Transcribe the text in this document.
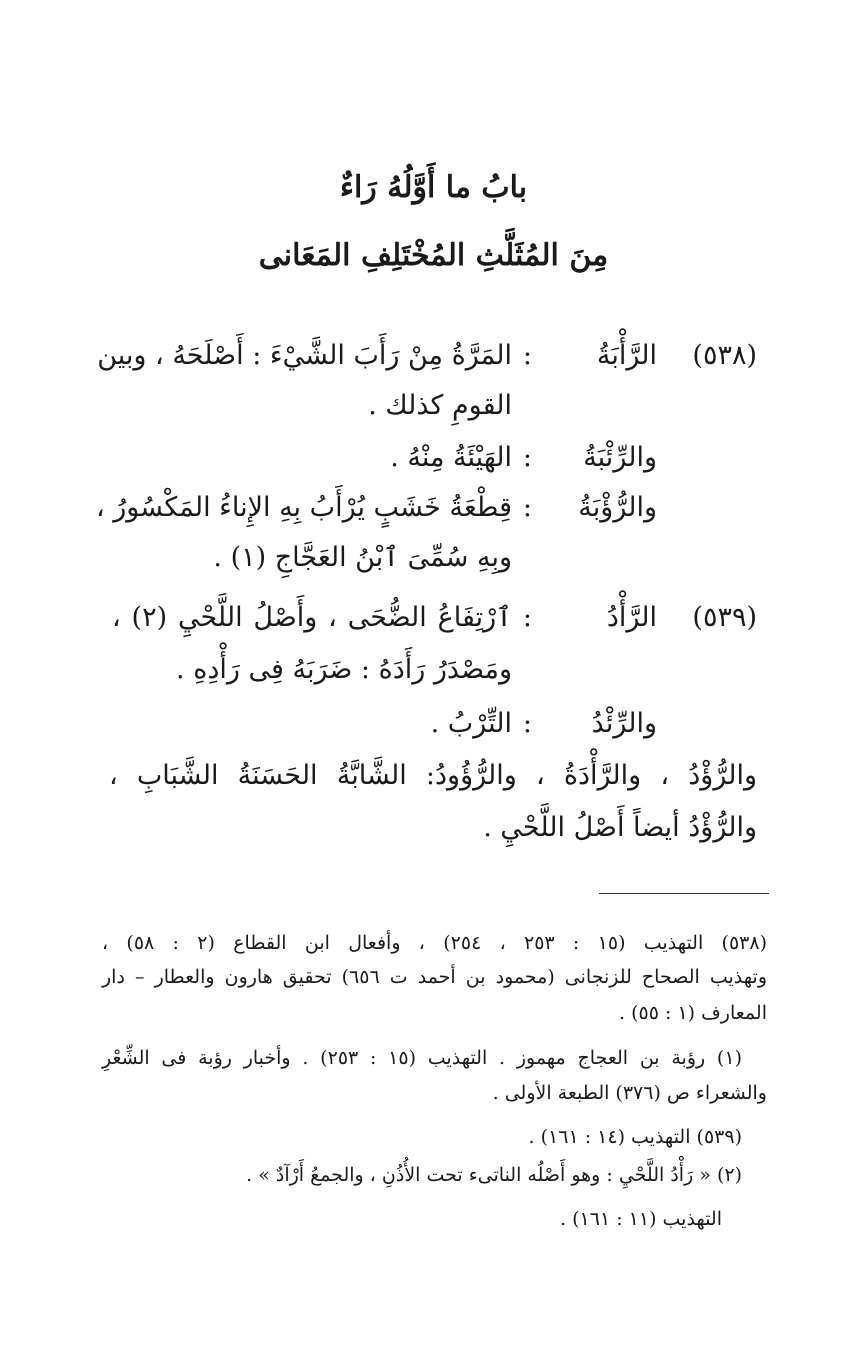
بابُ ما أَوَّلُهُ رَاءٌ
مِنَ المُثَلَّثِ المُخْتَلِفِ المَعَانى
(٥٣٨)
الرَّأْبَةُ
:
المَرَّةُ مِنْ رَأَبَ الشَّيْءَ : أَصْلَحَهُ ، وبين
القومِ كذلك .
والرِّئْبَةُ
:
الهَيْئَةُ مِنْهُ .
والرُّؤْبَةُ
:
قِطْعَةُ خَشَبٍ يُرْأَبُ بِهِ الإِناءُ المَكْسُورُ ،
وبِهِ سُمِّىَ ٱبْنُ العَجَّاجِ (١) .
(٥٣٩)
الرَّأْدُ
:
ٱرْتِفَاعُ الضُّحَى ، وأَصْلُ اللَّحْيِ (٢) ،
ومَصْدَرُ رَأَدَهُ : ضَرَبَهُ فِى رَأْدِهِ .
والرِّئْدُ
:
التِّرْبُ .
والرُّؤْدُ ، والرَّأْدَةُ ، والرُّؤُودُ: الشَّابَّةُ الحَسَنَةُ الشَّبَابِ ،
والرُّؤْدُ أيضاً أَصْلُ اللَّحْيِ .
(٥٣٨) التهذيب (١٥ : ٢٥٣ ، ٢٥٤) ، وأفعال ابن القطاع (٢ : ٥٨) ،
وتهذيب الصحاح للزنجانى (محمود بن أحمد ت ٦٥٦) تحقيق هارون والعطار – دار
المعارف (١ : ٥٥) .
(١) رؤبة بن العجاج مهموز . التهذيب (١٥ : ٢٥٣) . وأخبار رؤبة فى الشِّعْرِ
والشعراء ص (٣٧٦) الطبعة الأولى .
(٥٣٩) التهذيب (١٤ : ١٦١) .
(٢) « رَأْدُ اللَّحْيِ : وهو أَصْلُه الناتىء تحت الأُذُنِ ، والجمعُ أَرْآدٌ » .
التهذيب (١١ : ١٦١) .
